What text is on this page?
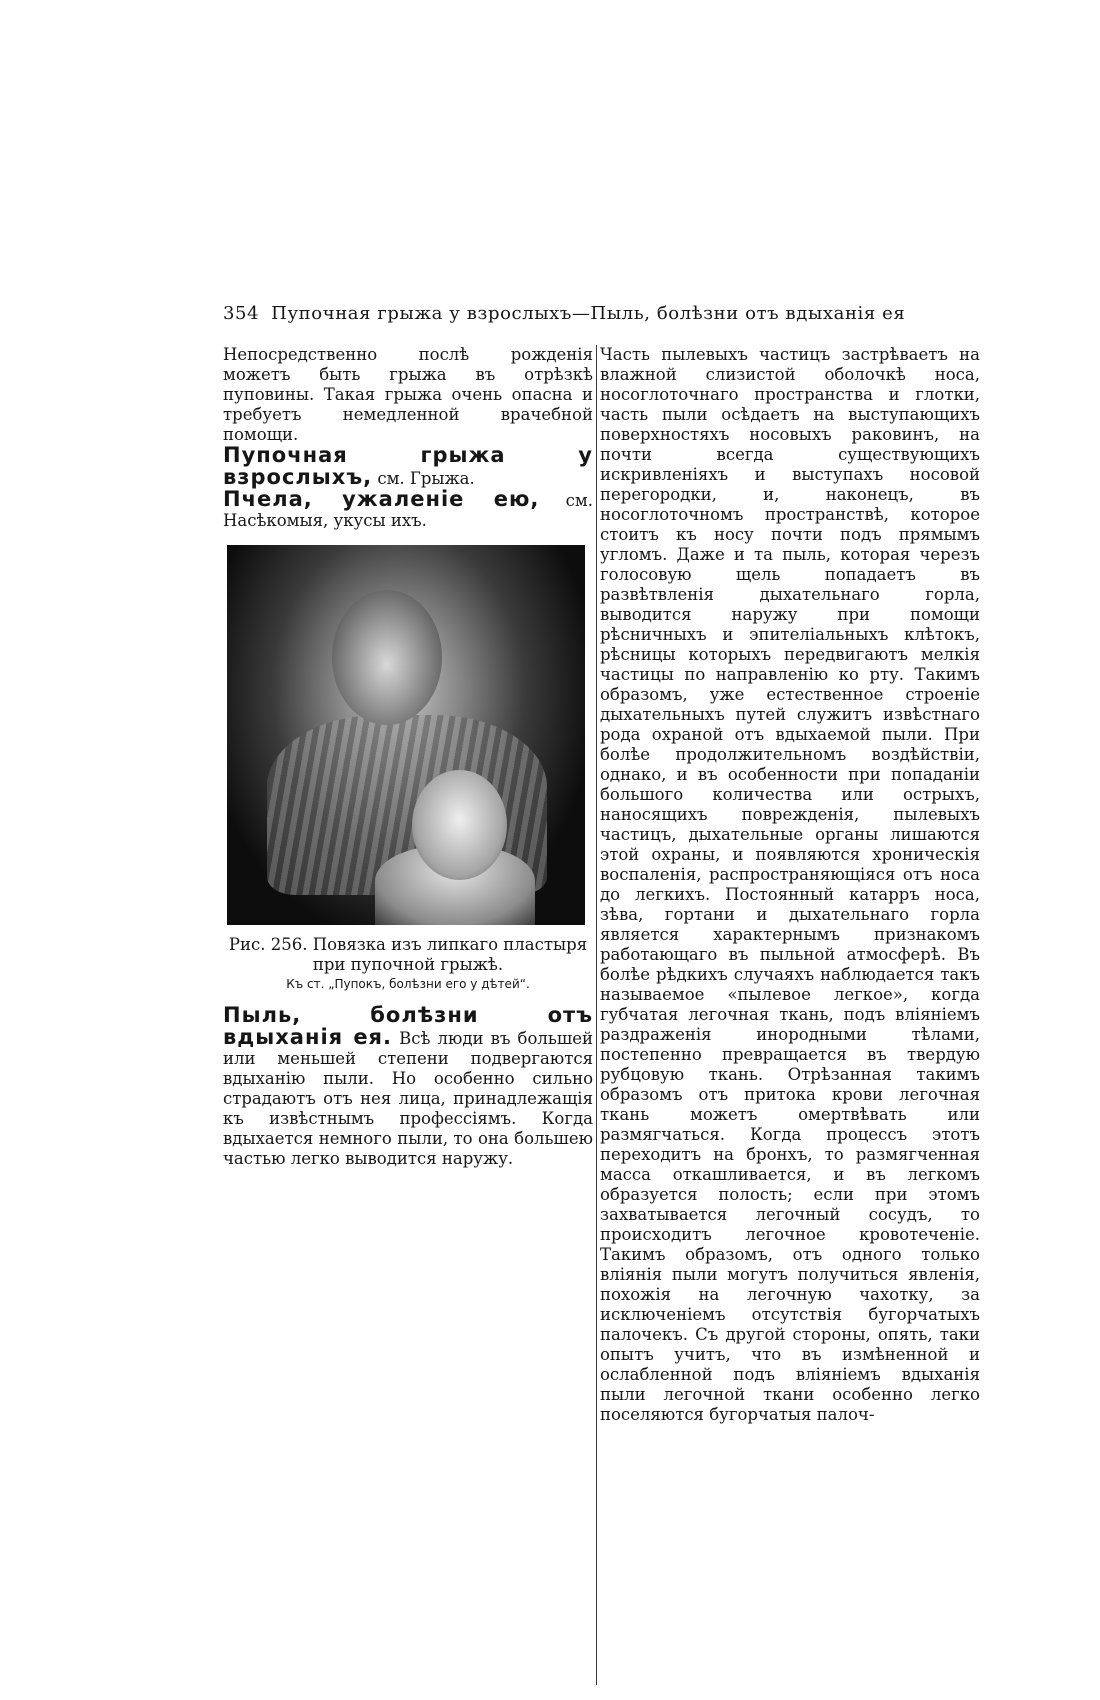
354 Пупочная грыжа у взрослыхъ—Пыль, болѣзни отъ вдыханія ея

Непосредственно послѣ рожденія можетъ быть грыжа въ отрѣзкѣ пуповины. Такая грыжа очень опасна и требуетъ немедленной врачебной помощи.

Пупочная грыжа у взрослыхъ, см. Грыжа.

Пчела, ужаленіе ею, см. Насѣкомыя, укусы ихъ.

Рис. 256. Повязка изъ липкаго пластыря при пупочной грыжѣ.
Къ ст. „Пупокъ, болѣзни его у дѣтей“.

Пыль, болѣзни отъ вдыханія ея. Всѣ люди въ большей или меньшей степени подвергаются вдыханію пыли. Но особенно сильно страдаютъ отъ нея лица, принадлежащія къ извѣстнымъ профессіямъ. Когда вдыхается немного пыли, то она большею частью легко выводится наружу.

Часть пылевыхъ частицъ застрѣваетъ на влажной слизистой оболочкѣ носа, носоглоточнаго пространства и глотки, часть пыли осѣдаетъ на выступающихъ поверхностяхъ носовыхъ раковинъ, на почти всегда существующихъ искривленіяхъ и выступахъ носовой перегородки, и, наконецъ, въ носоглоточномъ пространствѣ, которое стоитъ къ носу почти подъ прямымъ угломъ. Даже и та пыль, которая черезъ голосовую щель попадаетъ въ развѣтвленія дыхательнаго горла, выводится наружу при помощи рѣсничныхъ и эпителіальныхъ клѣтокъ, рѣсницы которыхъ передвигаютъ мелкія частицы по направленію ко рту. Такимъ образомъ, уже естественное строеніе дыхательныхъ путей служитъ извѣстнаго рода охраной отъ вдыхаемой пыли. При болѣе продолжительномъ воздѣйствіи, однако, и въ особенности при попаданіи большого количества или острыхъ, наносящихъ поврежденія, пылевыхъ частицъ, дыхательные органы лишаются этой охраны, и появляются хроническія воспаленія, распространяющіяся отъ носа до легкихъ. Постоянный катарръ носа, зѣва, гортани и дыхательнаго горла является характернымъ признакомъ работающаго въ пыльной атмосферѣ. Въ болѣе рѣдкихъ случаяхъ наблюдается такъ называемое «пылевое легкое», когда губчатая легочная ткань, подъ вліяніемъ раздраженія инородными тѣлами, постепенно превращается въ твердую рубцовую ткань. Отрѣзанная такимъ образомъ отъ притока крови легочная ткань можетъ омертвѣвать или размягчаться. Когда процессъ этотъ переходитъ на бронхъ, то размягченная масса откашливается, и въ легкомъ образуется полость; если при этомъ захватывается легочный сосудъ, то происходитъ легочное кровотеченіе. Такимъ образомъ, отъ одного только вліянія пыли могутъ получиться явленія, похожія на легочную чахотку, за исключеніемъ отсутствія бугорчатыхъ палочекъ. Съ другой стороны, опять, таки опытъ учитъ, что въ измѣненной и ослабленной подъ вліяніемъ вдыханія пыли легочной ткани особенно легко поселяются бугорчатыя палоч-
